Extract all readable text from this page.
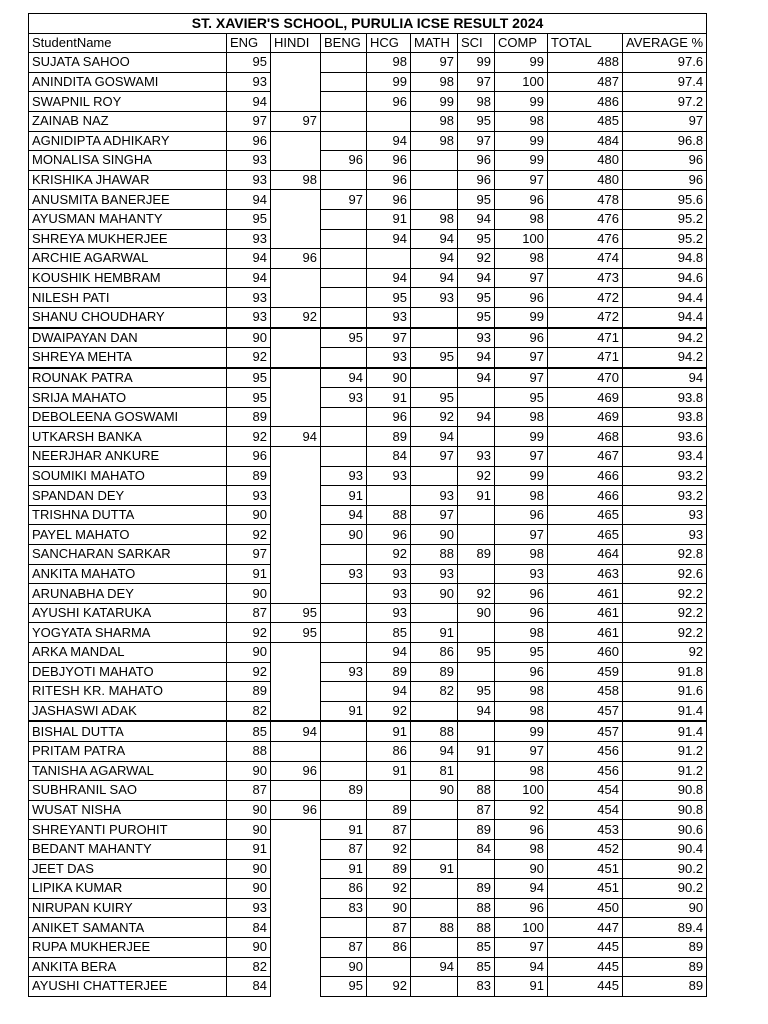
ST. XAVIER'S SCHOOL, PURULIA ICSE RESULT 2024									
StudentName	ENG	HINDI	BENG	HCG	MATH	SCI	COMP	TOTAL	AVERAGE %
SUJATA SAHOO	95			98	97	99	99	488	97.6
ANINDITA GOSWAMI	93			99	98	97	100	487	97.4
SWAPNIL ROY	94			96	99	98	99	486	97.2
ZAINAB NAZ	97	97			98	95	98	485	97
AGNIDIPTA ADHIKARY	96			94	98	97	99	484	96.8
MONALISA SINGHA	93		96	96		96	99	480	96
KRISHIKA JHAWAR	93	98		96		96	97	480	96
ANUSMITA BANERJEE	94		97	96		95	96	478	95.6
AYUSMAN MAHANTY	95			91	98	94	98	476	95.2
SHREYA MUKHERJEE	93			94	94	95	100	476	95.2
ARCHIE AGARWAL	94	96			94	92	98	474	94.8
KOUSHIK HEMBRAM	94			94	94	94	97	473	94.6
NILESH PATI	93			95	93	95	96	472	94.4
SHANU CHOUDHARY	93	92		93		95	99	472	94.4
DWAIPAYAN DAN	90		95	97		93	96	471	94.2
SHREYA MEHTA	92			93	95	94	97	471	94.2
ROUNAK PATRA	95		94	90		94	97	470	94
SRIJA MAHATO	95		93	91	95		95	469	93.8
DEBOLEENA GOSWAMI	89			96	92	94	98	469	93.8
UTKARSH BANKA	92	94		89	94		99	468	93.6
NEERJHAR ANKURE	96			84	97	93	97	467	93.4
SOUMIKI MAHATO	89		93	93		92	99	466	93.2
SPANDAN DEY	93		91		93	91	98	466	93.2
TRISHNA DUTTA	90		94	88	97		96	465	93
PAYEL MAHATO	92		90	96	90		97	465	93
SANCHARAN SARKAR	97			92	88	89	98	464	92.8
ANKITA MAHATO	91		93	93	93		93	463	92.6
ARUNABHA DEY	90			93	90	92	96	461	92.2
AYUSHI KATARUKA	87	95		93		90	96	461	92.2
YOGYATA SHARMA	92	95		85	91		98	461	92.2
ARKA MANDAL	90			94	86	95	95	460	92
DEBJYOTI MAHATO	92		93	89	89		96	459	91.8
RITESH KR. MAHATO	89			94	82	95	98	458	91.6
JASHASWI ADAK	82		91	92		94	98	457	91.4
BISHAL DUTTA	85	94		91	88		99	457	91.4
PRITAM PATRA	88			86	94	91	97	456	91.2
TANISHA AGARWAL	90	96		91	81		98	456	91.2
SUBHRANIL SAO	87		89		90	88	100	454	90.8
WUSAT NISHA	90	96		89		87	92	454	90.8
SHREYANTI PUROHIT	90		91	87		89	96	453	90.6
BEDANT MAHANTY	91		87	92		84	98	452	90.4
JEET DAS	90		91	89	91		90	451	90.2
LIPIKA KUMAR	90		86	92		89	94	451	90.2
NIRUPAN KUIRY	93		83	90		88	96	450	90
ANIKET SAMANTA	84			87	88	88	100	447	89.4
RUPA MUKHERJEE	90		87	86		85	97	445	89
ANKITA BERA	82		90		94	85	94	445	89
AYUSHI CHATTERJEE	84		95	92		83	91	445	89
